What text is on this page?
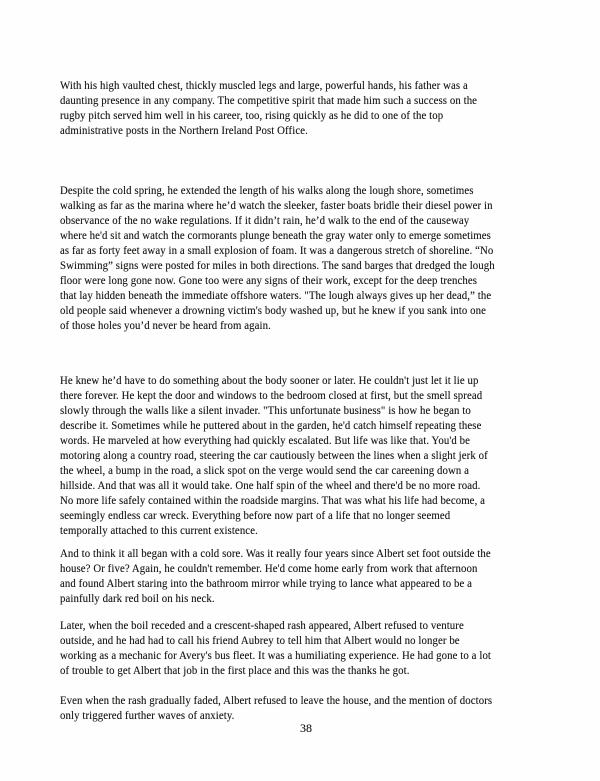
With his high vaulted chest, thickly muscled legs and large, powerful hands, his father was a
daunting presence in any company. The competitive spirit that made him such a success on the
rugby pitch served him well in his career, too, rising quickly as he did to one of the top
administrative posts in the Northern Ireland Post Office.

Despite the cold spring, he extended the length of his walks along the lough shore, sometimes
walking as far as the marina where he’d watch the sleeker, faster boats bridle their diesel power in
observance of the no wake regulations. If it didn’t rain, he’d walk to the end of the causeway
where he'd sit and watch the cormorants plunge beneath the gray water only to emerge sometimes
as far as forty feet away in a small explosion of foam. It was a dangerous stretch of shoreline. “No
Swimming” signs were posted for miles in both directions. The sand barges that dredged the lough
floor were long gone now. Gone too were any signs of their work, except for the deep trenches
that lay hidden beneath the immediate offshore waters. "The lough always gives up her dead,” the
old people said whenever a drowning victim's body washed up, but he knew if you sank into one
of those holes you’d never be heard from again.

He knew he’d have to do something about the body sooner or later. He couldn't just let it lie up
there forever. He kept the door and windows to the bedroom closed at first, but the smell spread
slowly through the walls like a silent invader. "This unfortunate business" is how he began to
describe it. Sometimes while he puttered about in the garden, he'd catch himself repeating these
words. He marveled at how everything had quickly escalated. But life was like that. You'd be
motoring along a country road, steering the car cautiously between the lines when a slight jerk of
the wheel, a bump in the road, a slick spot on the verge would send the car careening down a
hillside. And that was all it would take. One half spin of the wheel and there'd be no more road.
No more life safely contained within the roadside margins. That was what his life had become, a
seemingly endless car wreck. Everything before now part of a life that no longer seemed
temporally attached to this current existence.

And to think it all began with a cold sore. Was it really four years since Albert set foot outside the
house? Or five? Again, he couldn't remember. He'd come home early from work that afternoon
and found Albert staring into the bathroom mirror while trying to lance what appeared to be a
painfully dark red boil on his neck.

Later, when the boil receded and a crescent-shaped rash appeared, Albert refused to venture
outside, and he had had to call his friend Aubrey to tell him that Albert would no longer be
working as a mechanic for Avery's bus fleet. It was a humiliating experience. He had gone to a lot
of trouble to get Albert that job in the first place and this was the thanks he got.

Even when the rash gradually faded, Albert refused to leave the house, and the mention of doctors
only triggered further waves of anxiety.

38
